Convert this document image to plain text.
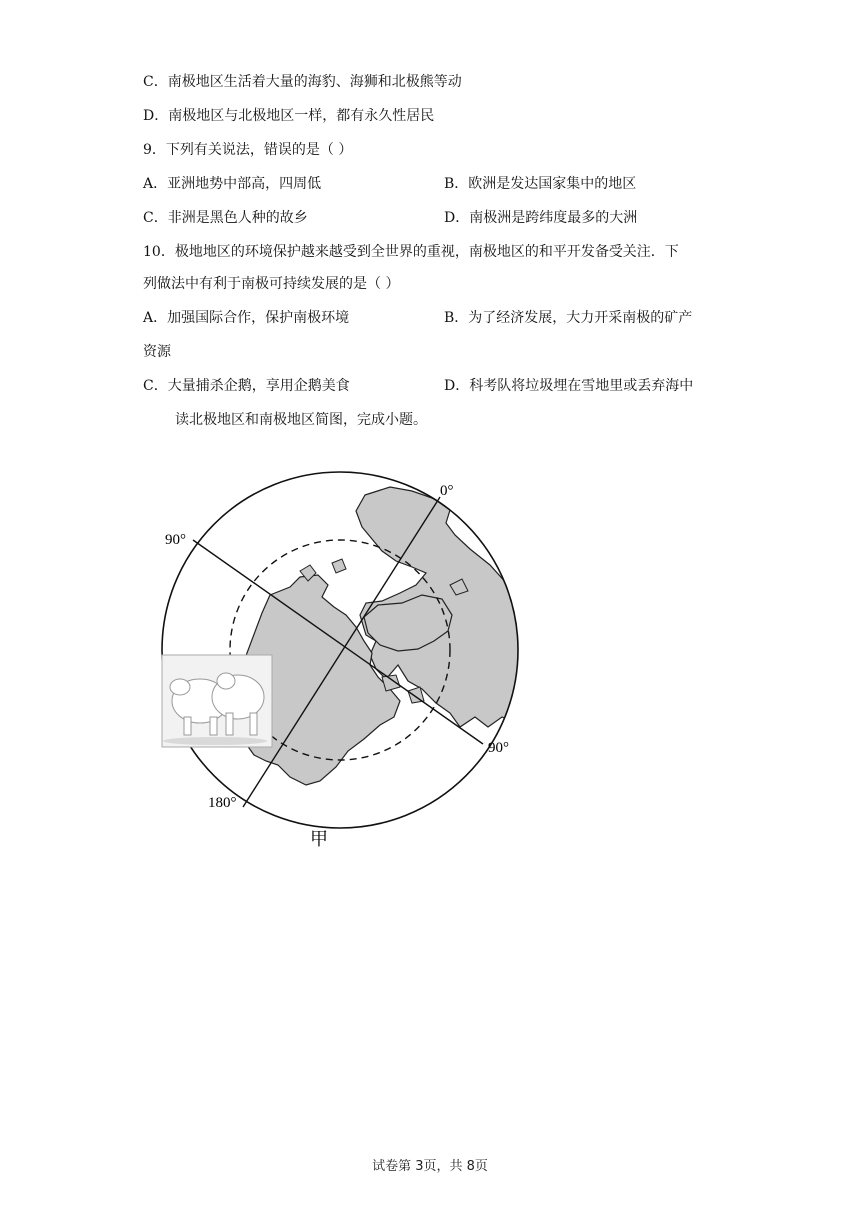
C．南极地区生活着大量的海豹、海狮和北极熊等动
D．南极地区与北极地区一样，都有永久性居民
9．下列有关说法，错误的是（ ）
A．亚洲地势中部高，四周低	B．欧洲是发达国家集中的地区
C．非洲是黑色人种的故乡	D．南极洲是跨纬度最多的大洲
10．极地地区的环境保护越来越受到全世界的重视，南极地区的和平开发备受关注．下
列做法中有利于南极可持续发展的是（ ）
A．加强国际合作，保护南极环境	B．为了经济发展，大力开采南极的矿产
资源
C．大量捕杀企鹅，享用企鹅美食	D．科考队将垃圾埋在雪地里或丢弃海中
读北极地区和南极地区简图，完成小题。
0°
90°
90°
180°
甲
试卷第 3页，共 8页
